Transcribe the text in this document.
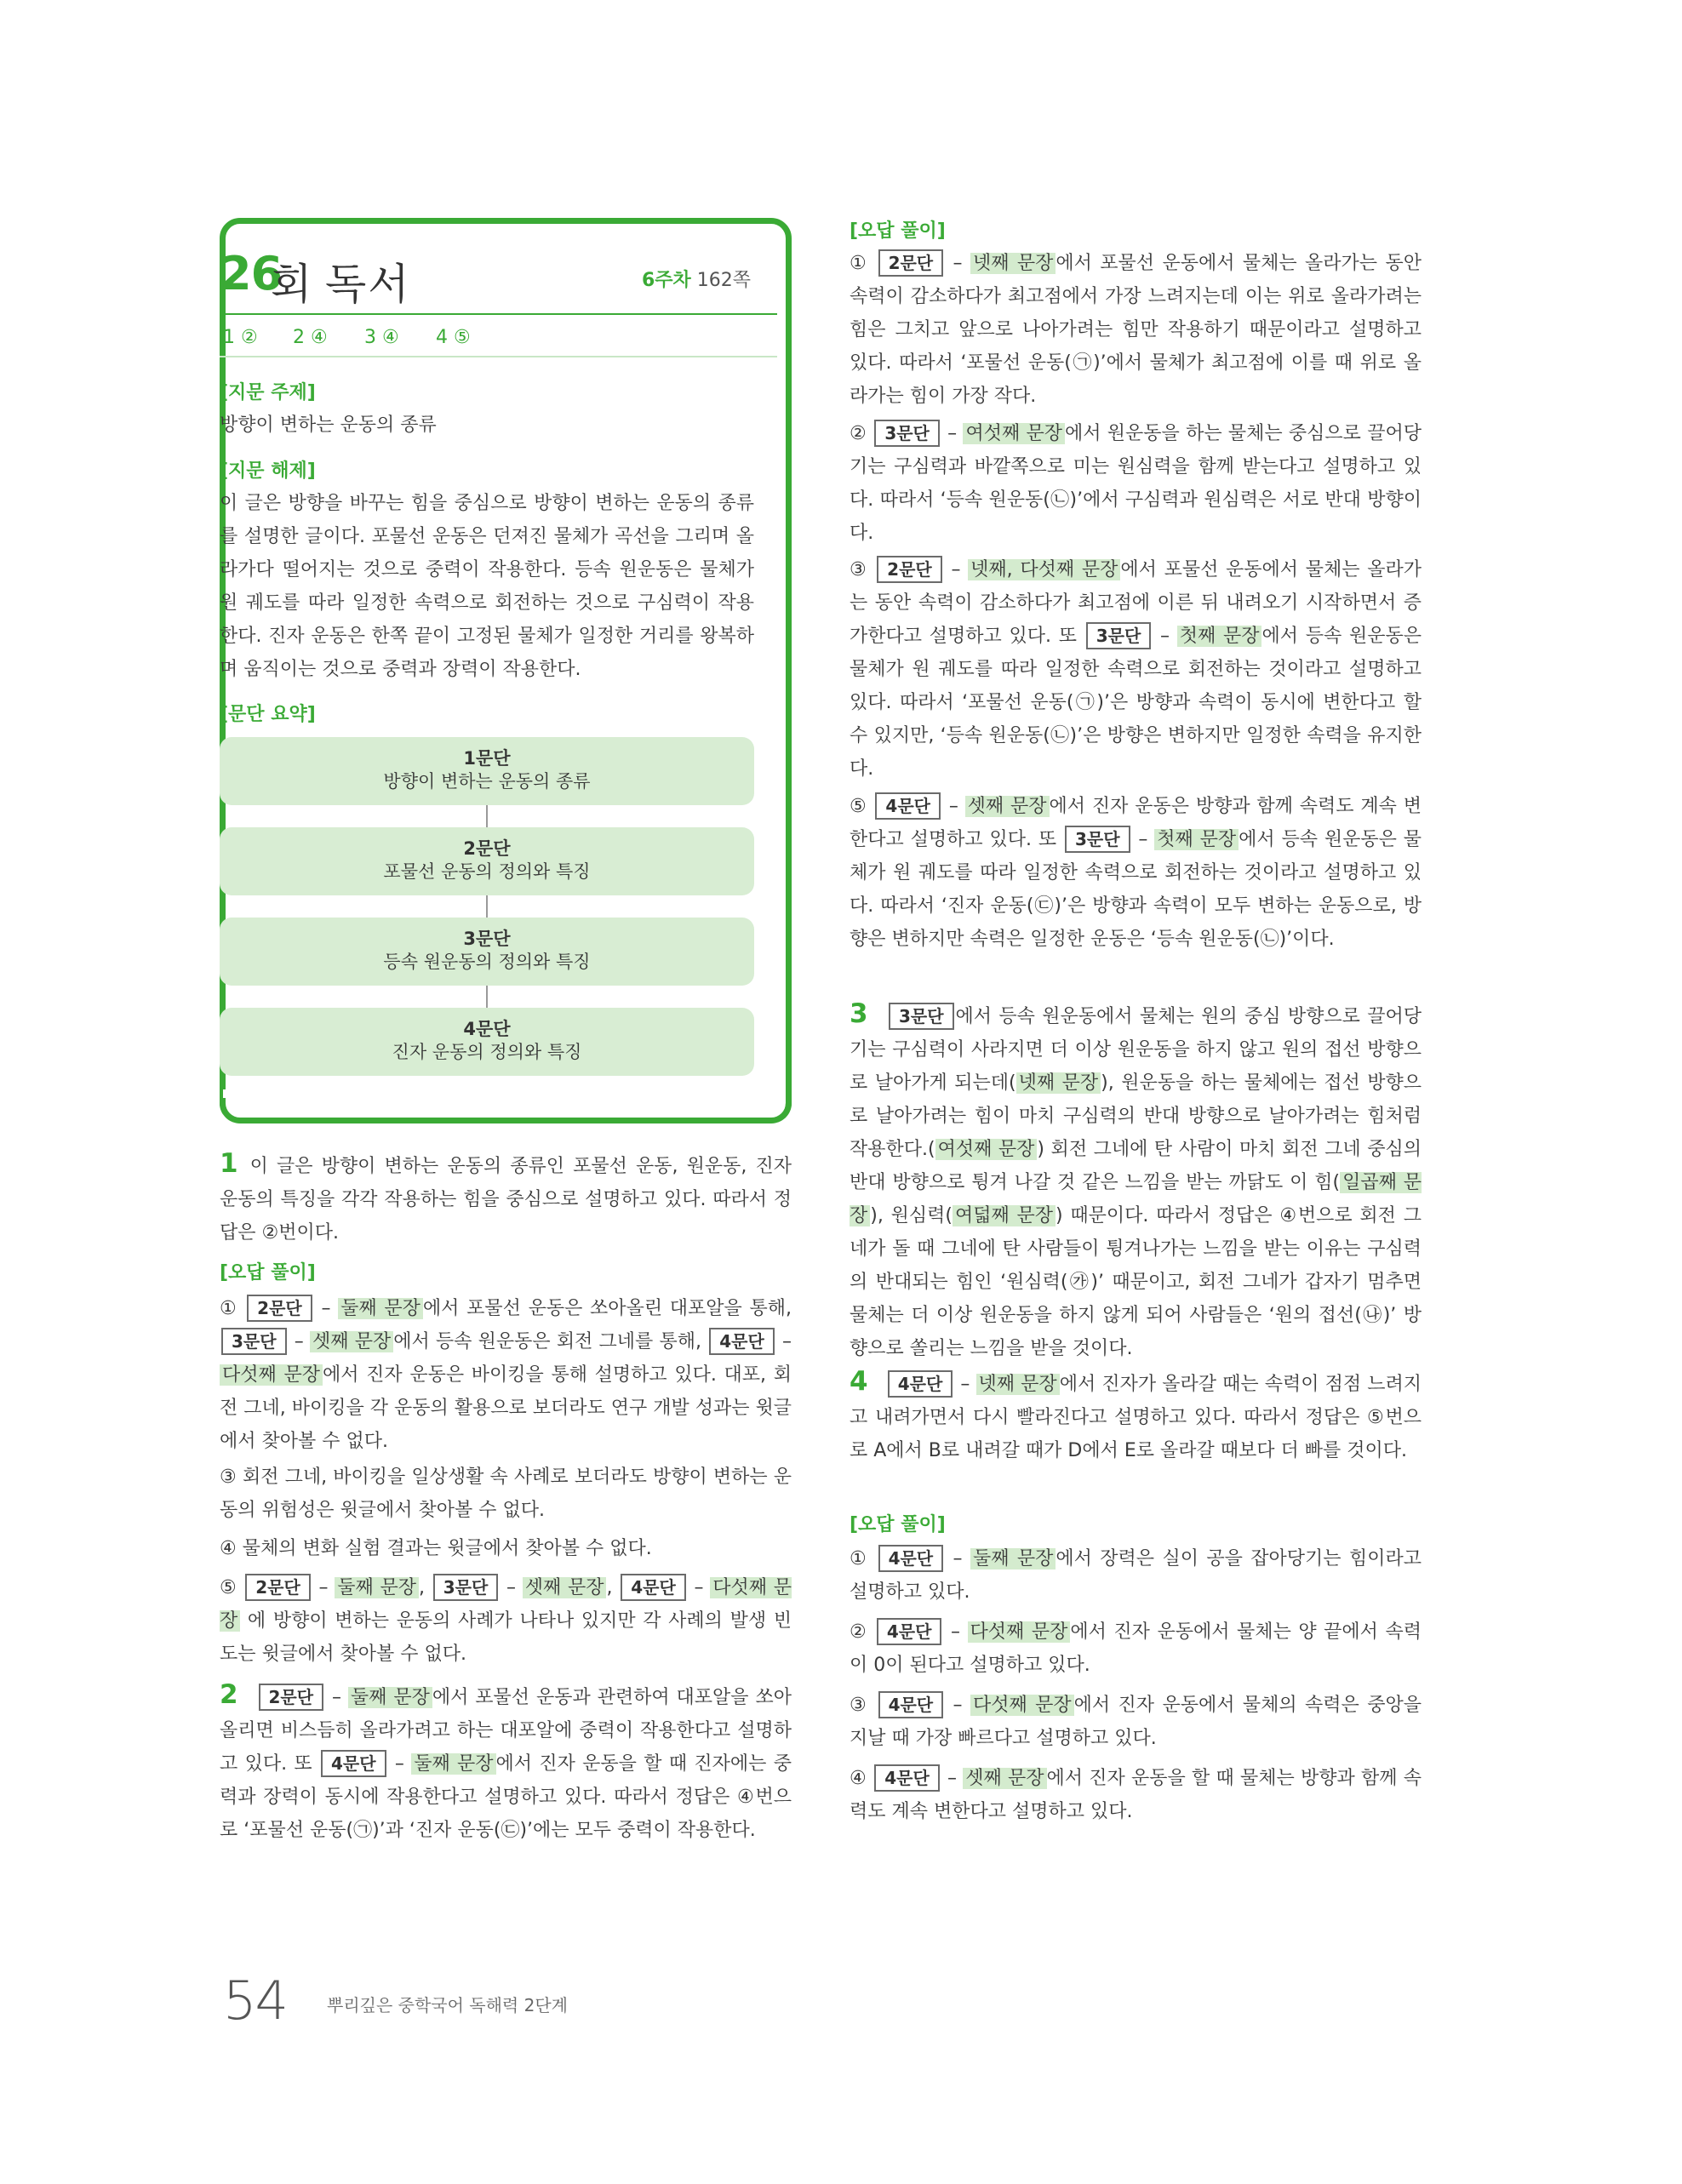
26
회 독서	6주차 162쪽
1 ② 2 ④ 3 ④ 4 ⑤
[지문 주제]
방향이 변하는 운동의 종류
[지문 해제]
이 글은 방향을 바꾸는 힘을 중심으로 방향이 변하는 운동의 종류를 설명한 글이다. 포물선 운동은 던져진 물체가 곡선을 그리며 올라가다 떨어지는 것으로 중력이 작용한다. 등속 원운동은 물체가 원 궤도를 따라 일정한 속력으로 회전하는 것으로 구심력이 작용한다. 진자 운동은 한쪽 끝이 고정된 물체가 일정한 거리를 왕복하며 움직이는 것으로 중력과 장력이 작용한다.
[문단 요약]
1문단
방향이 변하는 운동의 종류
2문단
포물선 운동의 정의와 특징
3문단
등속 원운동의 정의와 특징
4문단
진자 운동의 정의와 특징
1 이 글은 방향이 변하는 운동의 종류인 포물선 운동, 원운동, 진자 운동의 특징을 각각 작용하는 힘을 중심으로 설명하고 있다. 따라서 정답은 ②번이다.
[오답 풀이]
① 2문단 – 둘째 문장 에서 포물선 운동은 쏘아올린 대포알을 통해, 3문단 – 셋째 문장 에서 등속 원운동은 회전 그네를 통해, 4문단 – 다섯째 문장 에서 진자 운동은 바이킹을 통해 설명하고 있다. 대포, 회전 그네, 바이킹을 각 운동의 활용으로 보더라도 연구 개발 성과는 윗글에서 찾아볼 수 없다.
③ 회전 그네, 바이킹을 일상생활 속 사례로 보더라도 방향이 변하는 운동의 위험성은 윗글에서 찾아볼 수 없다.
④ 물체의 변화 실험 결과는 윗글에서 찾아볼 수 없다.
⑤ 2문단 – 둘째 문장 , 3문단 – 셋째 문장 , 4문단 – 다섯째 문장 에 방향이 변하는 운동의 사례가 나타나 있지만 각 사례의 발생 빈도는 윗글에서 찾아볼 수 없다.
2 2문단 – 둘째 문장 에서 포물선 운동과 관련하여 대포알을 쏘아 올리면 비스듬히 올라가려고 하는 대포알에 중력이 작용한다고 설명하고 있다. 또 4문단 – 둘째 문장 에서 진자 운동을 할 때 진자에는 중력과 장력이 동시에 작용한다고 설명하고 있다. 따라서 정답은 ④번으로 ‘포물선 운동(㉠)’과 ‘진자 운동(㉢)’에는 모두 중력이 작용한다.
[오답 풀이]
① 2문단 – 넷째 문장 에서 포물선 운동에서 물체는 올라가는 동안 속력이 감소하다가 최고점에서 가장 느려지는데 이는 위로 올라가려는 힘은 그치고 앞으로 나아가려는 힘만 작용하기 때문이라고 설명하고 있다. 따라서 ‘포물선 운동(㉠)’에서 물체가 최고점에 이를 때 위로 올라가는 힘이 가장 작다.
② 3문단 – 여섯째 문장 에서 원운동을 하는 물체는 중심으로 끌어당기는 구심력과 바깥쪽으로 미는 원심력을 함께 받는다고 설명하고 있다. 따라서 ‘등속 원운동(㉡)’에서 구심력과 원심력은 서로 반대 방향이다.
③ 2문단 – 넷째, 다섯째 문장 에서 포물선 운동에서 물체는 올라가는 동안 속력이 감소하다가 최고점에 이른 뒤 내려오기 시작하면서 증가한다고 설명하고 있다. 또 3문단 – 첫째 문장 에서 등속 원운동은 물체가 원 궤도를 따라 일정한 속력으로 회전하는 것이라고 설명하고 있다. 따라서 ‘포물선 운동(㉠)’은 방향과 속력이 동시에 변한다고 할 수 있지만, ‘등속 원운동(㉡)’은 방향은 변하지만 일정한 속력을 유지한다.
⑤ 4문단 – 셋째 문장 에서 진자 운동은 방향과 함께 속력도 계속 변한다고 설명하고 있다. 또 3문단 – 첫째 문장 에서 등속 원운동은 물체가 원 궤도를 따라 일정한 속력으로 회전하는 것이라고 설명하고 있다. 따라서 ‘진자 운동(㉢)’은 방향과 속력이 모두 변하는 운동으로, 방향은 변하지만 속력은 일정한 운동은 ‘등속 원운동(㉡)’이다.
3 3문단 에서 등속 원운동에서 물체는 원의 중심 방향으로 끌어당기는 구심력이 사라지면 더 이상 원운동을 하지 않고 원의 접선 방향으로 날아가게 되는데( 넷째 문장 ), 원운동을 하는 물체에는 접선 방향으로 날아가려는 힘이 마치 구심력의 반대 방향으로 날아가려는 힘처럼 작용한다.( 여섯째 문장 ) 회전 그네에 탄 사람이 마치 회전 그네 중심의 반대 방향으로 튕겨 나갈 것 같은 느낌을 받는 까닭도 이 힘( 일곱째 문장 ), 원심력( 여덟째 문장 ) 때문이다. 따라서 정답은 ④번으로 회전 그네가 돌 때 그네에 탄 사람들이 튕겨나가는 느낌을 받는 이유는 구심력의 반대되는 힘인 ‘원심력(㉮)’ 때문이고, 회전 그네가 갑자기 멈추면 물체는 더 이상 원운동을 하지 않게 되어 사람들은 ‘원의 접선(㉯)’ 방향으로 쏠리는 느낌을 받을 것이다.
4 4문단 – 넷째 문장 에서 진자가 올라갈 때는 속력이 점점 느려지고 내려가면서 다시 빨라진다고 설명하고 있다. 따라서 정답은 ⑤번으로 A에서 B로 내려갈 때가 D에서 E로 올라갈 때보다 더 빠를 것이다.
[오답 풀이]
① 4문단 – 둘째 문장 에서 장력은 실이 공을 잡아당기는 힘이라고 설명하고 있다.
② 4문단 – 다섯째 문장 에서 진자 운동에서 물체는 양 끝에서 속력이 0이 된다고 설명하고 있다.
③ 4문단 – 다섯째 문장 에서 진자 운동에서 물체의 속력은 중앙을 지날 때 가장 빠르다고 설명하고 있다.
④ 4문단 – 셋째 문장 에서 진자 운동을 할 때 물체는 방향과 함께 속력도 계속 변한다고 설명하고 있다.
54 뿌리깊은 중학국어 독해력 2단계
